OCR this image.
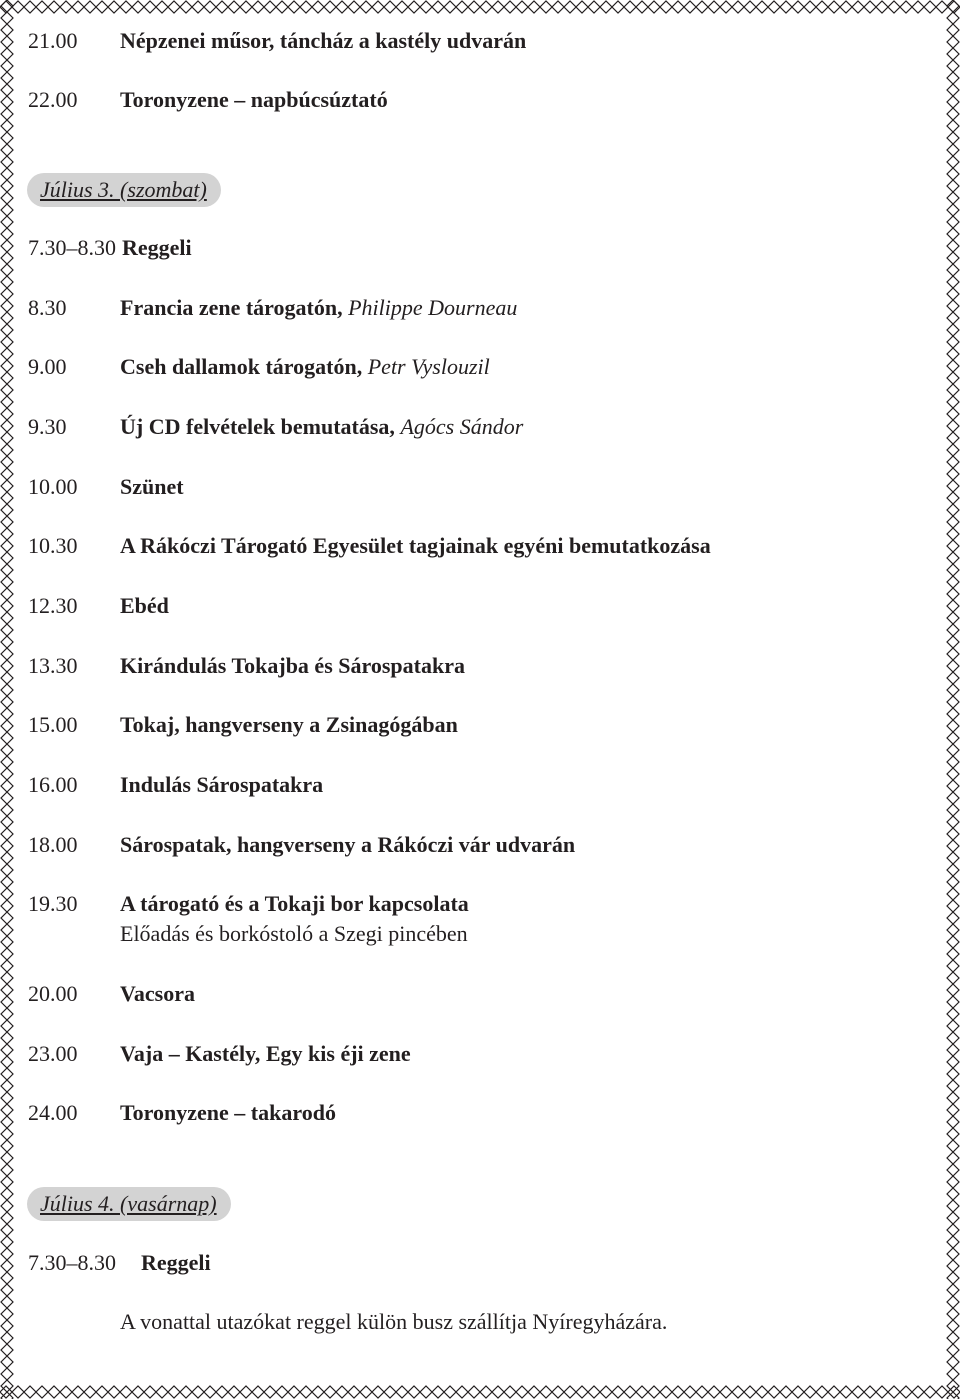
21.00 Népzenei műsor, táncház a kastély udvarán
22.00 Toronyzene – napbúcsúztató
Július 3. (szombat)
7.30–8.30 Reggeli
8.30 Francia zene tárogatón, Philippe Dourneau
9.00 Cseh dallamok tárogatón, Petr Vyslouzil
9.30 Új CD felvételek bemutatása, Agócs Sándor
10.00 Szünet
10.30 A Rákóczi Tárogató Egyesület tagjainak egyéni bemutatkozása
12.30 Ebéd
13.30 Kirándulás Tokajba és Sárospatakra
15.00 Tokaj, hangverseny a Zsinagógában
16.00 Indulás Sárospatakra
18.00 Sárospatak, hangverseny a Rákóczi vár udvarán
19.30 A tárogató és a Tokaji bor kapcsolata
Előadás és borkóstoló a Szegi pincében
20.00 Vacsora
23.00 Vaja – Kastély, Egy kis éji zene
24.00 Toronyzene – takarodó
Július 4. (vasárnap)
7.30–8.30 Reggeli
A vonattal utazókat reggel külön busz szállítja Nyíregyházára.
